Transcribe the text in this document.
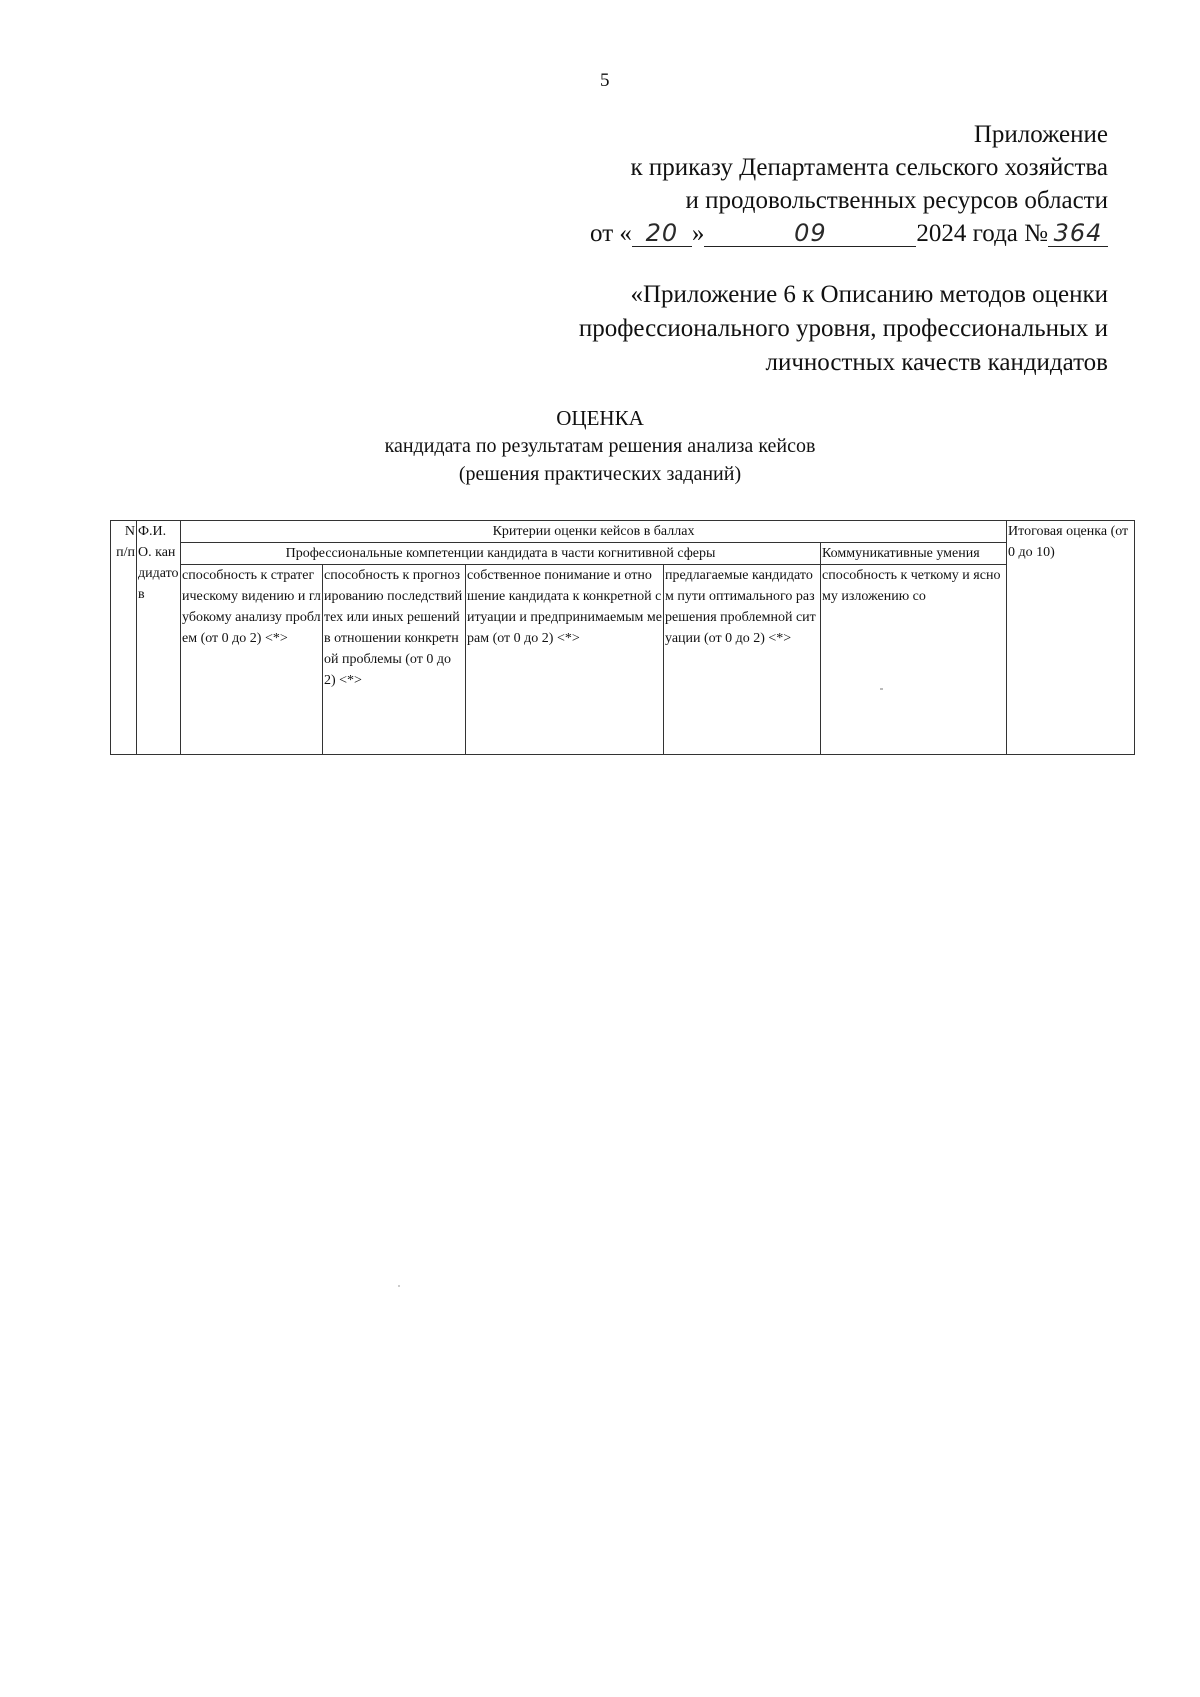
5
Приложение
к приказу Департамента сельского хозяйства
и продовольственных ресурсов области
от « 20 »	09	2024 года № 364
«Приложение 6 к Описанию методов оценки
профессионального уровня, профессиональных и
личностных качеств кандидатов
ОЦЕНКА
кандидата по результатам решения анализа кейсов
(решения практических заданий)
N п/п	Ф.И.О. кандидатов	Критерии оценки кейсов в баллах					Итоговая оценка (от 0 до 10)
		Профессиональные компетенции кандидата в части когнитивной сферы				Коммуникативные умения	
		способность к стратегическому видению и глубокому анализу проблем (от 0 до 2) <*>	способность к прогнозированию последствий тех или иных решений в отношении конкретной проблемы (от 0 до 2) <*>	собственное понимание и отношение кандидата к конкретной ситуации и предпринимаемым мерам (от 0 до 2) <*>	предлагаемые кандидатом пути оптимального разрешения проблемной ситуации (от 0 до 2) <*>	способность к четкому и ясному изложению со	
